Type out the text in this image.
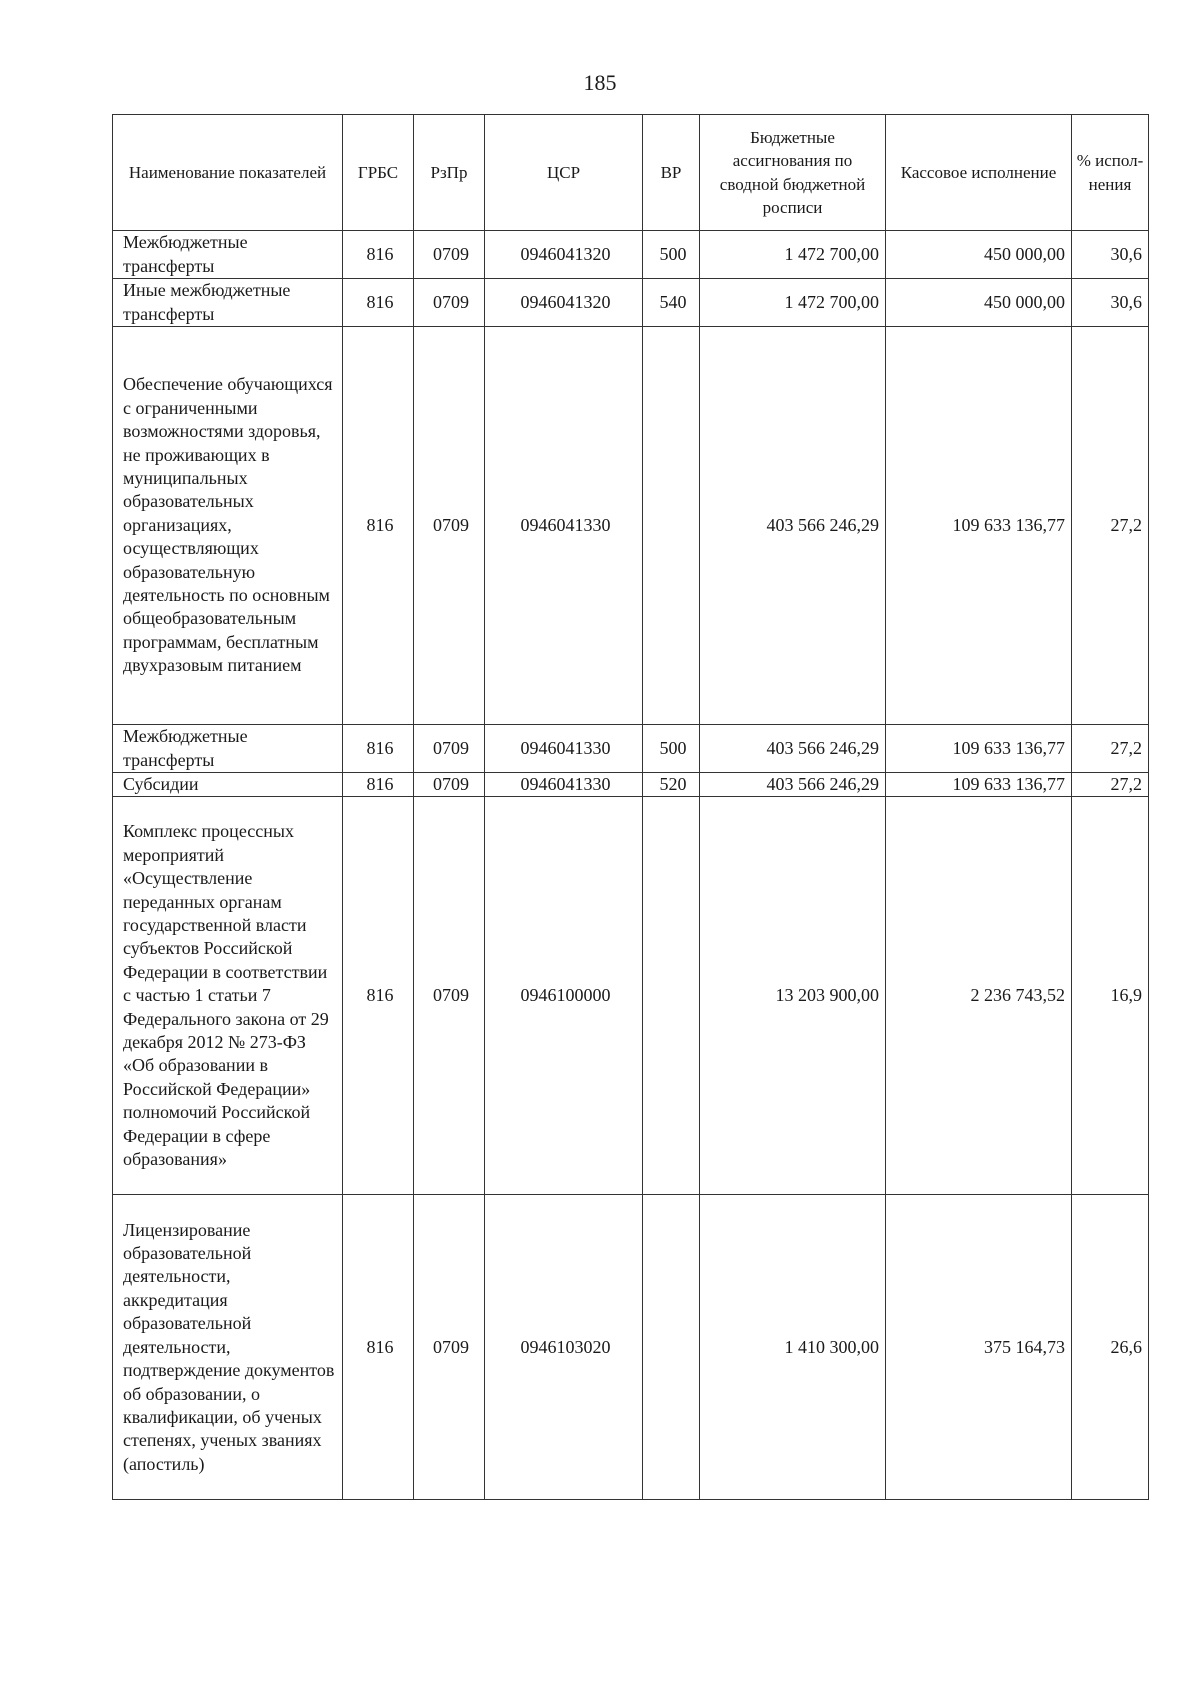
185
Наименование показателей	ГРБС	РзПр	ЦСР	ВР	Бюджетные ассигнования по сводной бюджетной росписи	Кассовое исполнение	% испол-нения
Межбюджетные трансферты	816	0709	0946041320	500	1 472 700,00	450 000,00	30,6
Иные межбюджетные трансферты	816	0709	0946041320	540	1 472 700,00	450 000,00	30,6
Обеспечение обучающихся с ограниченными возможностями здоровья, не проживающих в муниципальных образовательных организациях, осуществляющих образовательную деятельность по основным общеобразовательным программам, бесплатным двухразовым питанием	816	0709	0946041330		403 566 246,29	109 633 136,77	27,2
Межбюджетные трансферты	816	0709	0946041330	500	403 566 246,29	109 633 136,77	27,2
Субсидии	816	0709	0946041330	520	403 566 246,29	109 633 136,77	27,2
Комплекс процессных мероприятий «Осуществление переданных органам государственной власти субъектов Российской Федерации в соответствии с частью 1 статьи 7 Федерального закона от 29 декабря 2012 № 273-ФЗ «Об образовании в Российской Федерации» полномочий Российской Федерации в сфере образования»	816	0709	0946100000		13 203 900,00	2 236 743,52	16,9
Лицензирование образовательной деятельности, аккредитация образовательной деятельности, подтверждение документов об образовании, о квалификации, об ученых степенях, ученых званиях (апостиль)	816	0709	0946103020		1 410 300,00	375 164,73	26,6
